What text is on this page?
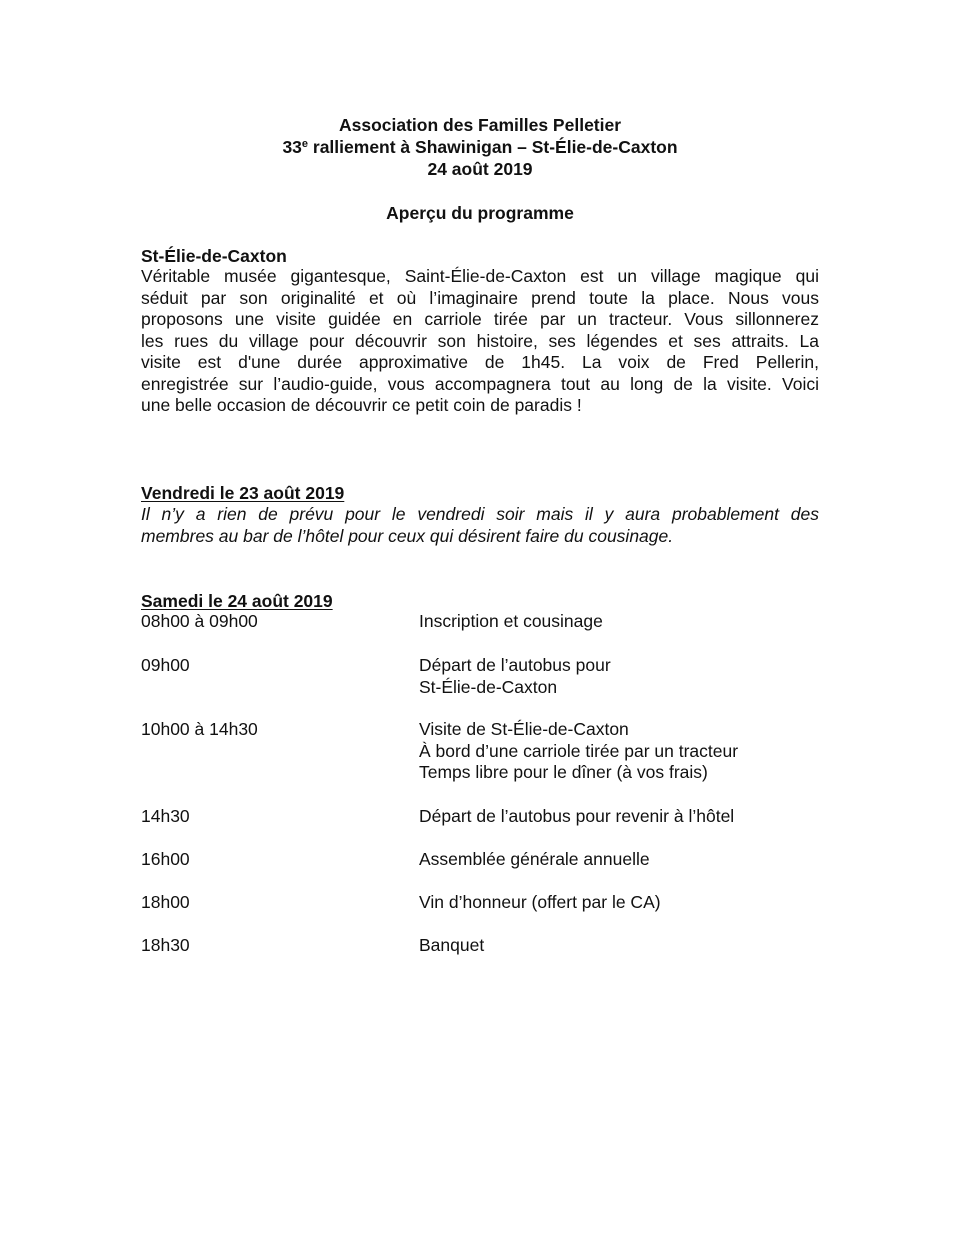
Association des Familles Pelletier
33e ralliement à Shawinigan – St-Élie-de-Caxton
24 août 2019
Aperçu du programme
St-Élie-de-Caxton
Véritable musée gigantesque, Saint-Élie-de-Caxton est un village magique qui
séduit par son originalité et où l’imaginaire prend toute la place. Nous vous
proposons une visite guidée en carriole tirée par un tracteur. Vous sillonnerez
les rues du village pour découvrir son histoire, ses légendes et ses attraits. La
visite est d'une durée approximative de 1h45. La voix de Fred Pellerin,
enregistrée sur l’audio-guide, vous accompagnera tout au long de la visite. Voici
une belle occasion de découvrir ce petit coin de paradis !
Vendredi le 23 août 2019
Il n’y a rien de prévu pour le vendredi soir mais il y aura probablement des
membres au bar de l’hôtel pour ceux qui désirent faire du cousinage.
Samedi le 24 août 2019
08h00 à 09h00	Inscription et cousinage
09h00	Départ de l’autobus pour
St-Élie-de-Caxton
10h00 à 14h30	Visite de St-Élie-de-Caxton
À bord d’une carriole tirée par un tracteur
Temps libre pour le dîner (à vos frais)
14h30	Départ de l’autobus pour revenir à l’hôtel
16h00	Assemblée générale annuelle
18h00	Vin d’honneur (offert par le CA)
18h30	Banquet
